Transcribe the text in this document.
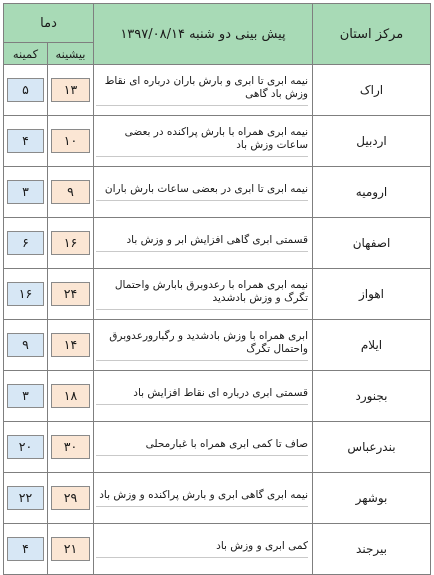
مرکز استان	پیش بینی دو شنبه ۱۳۹۷/۰۸/۱۴	دما	
		بیشینه	کمینه
اراک	نیمه ابری تا ابری و بارش باران درباره ای نقاط وزش باد گاهی	۱۳	۵

اردبیل	نیمه ابری همراه با بارش پراکنده در بعضی ساعات وزش باد	۱۰	۴

ارومیه	نیمه ابری تا ابری در بعضی ساعات بارش باران	۹	۳

اصفهان	قسمتی ابری گاهی افزایش ابر و وزش باد	۱۶	۶

اهواز	نیمه ابری همراه با رعدوبرق بابارش واحتمال تگرگ و وزش بادشدید	۲۴	۱۶

ایلام	ابری همراه با وزش بادشدید و رگبارورعدوبرق واحتمال تگرگ	۱۴	۹

بجنورد	قسمتی ابری درباره ای نقاط افزایش باد	۱۸	۳

بندرعباس	صاف تا کمی ابری همراه با غبارمحلی	۳۰	۲۰

بوشهر	نیمه ابری گاهی ابری و بارش پراکنده و وزش باد	۲۹	۲۲

بیرجند	کمی ابری و وزش باد	۲۱	۴
